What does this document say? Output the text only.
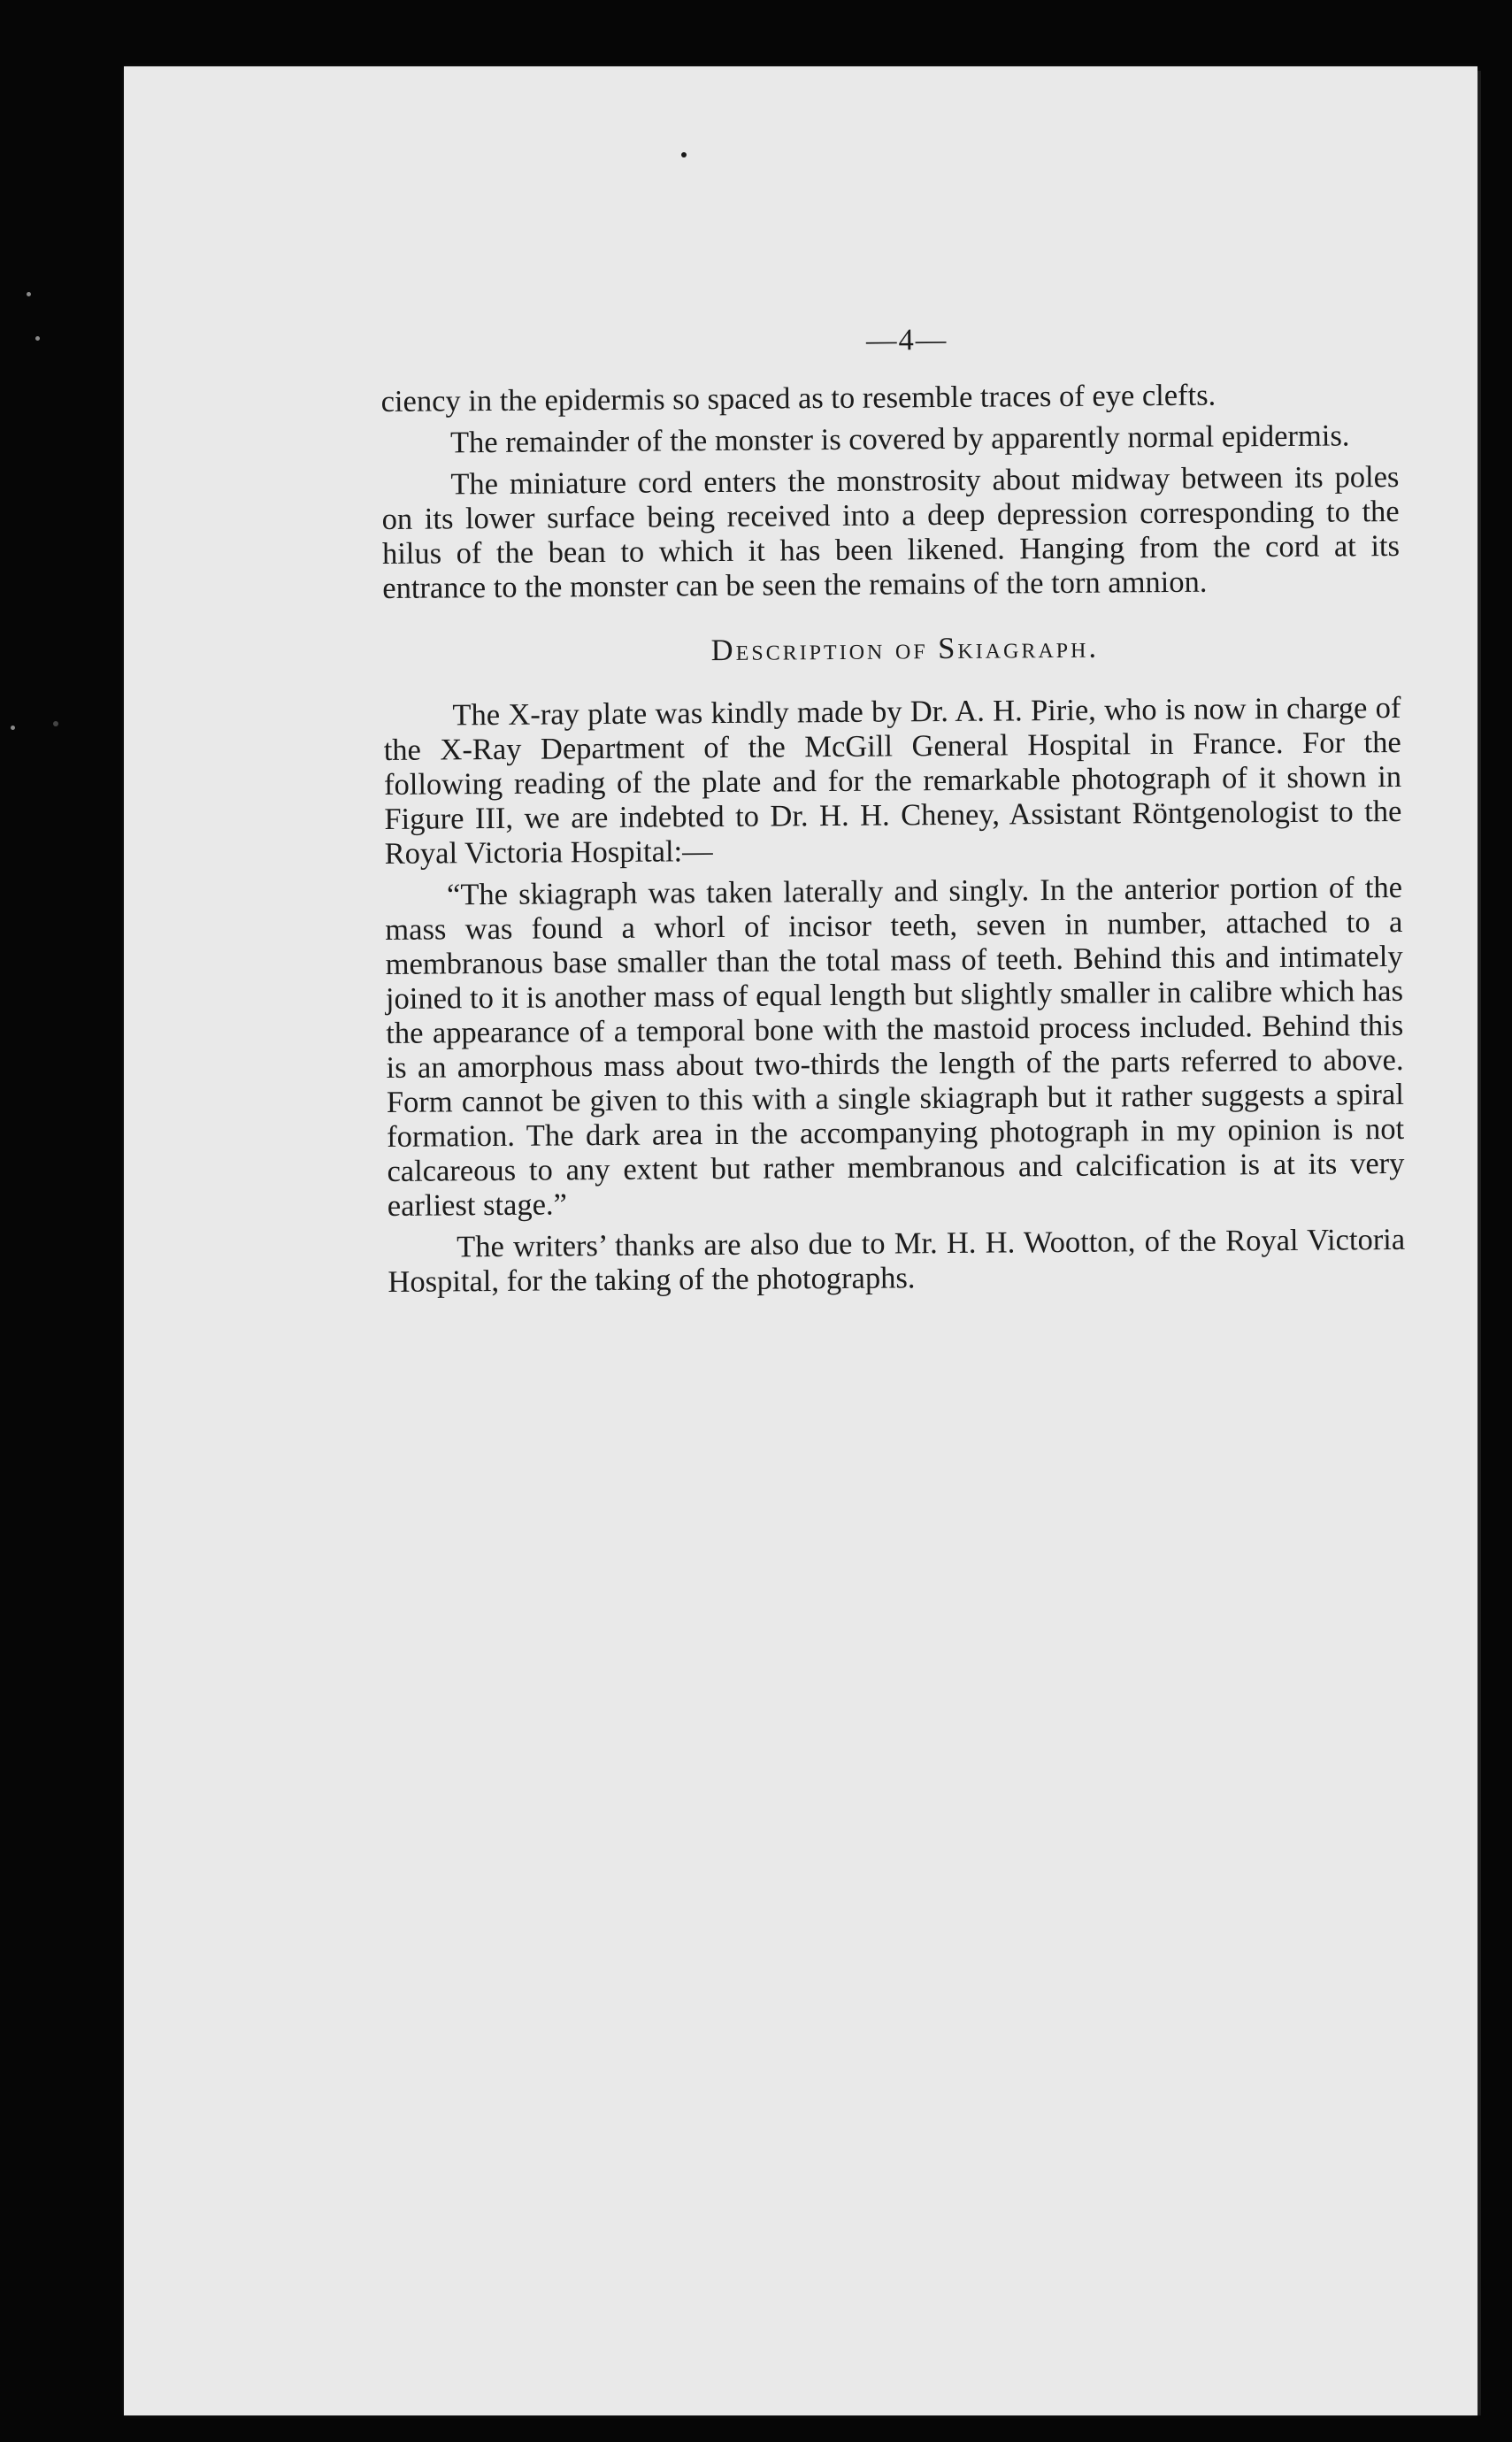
—4—

ciency in the epidermis so spaced as to resemble traces of eye clefts.

The remainder of the monster is covered by apparently normal epidermis.

The miniature cord enters the monstrosity about midway between its poles on its lower surface being received into a deep depression corresponding to the hilus of the bean to which it has been likened. Hanging from the cord at its entrance to the monster can be seen the remains of the torn amnion.

Description of Skiagraph.

The X-ray plate was kindly made by Dr. A. H. Pirie, who is now in charge of the X-Ray Department of the McGill General Hospital in France. For the following reading of the plate and for the remarkable photograph of it shown in Figure III, we are indebted to Dr. H. H. Cheney, Assistant Röntgenologist to the Royal Victoria Hospital:—

“The skiagraph was taken laterally and singly. In the anterior portion of the mass was found a whorl of incisor teeth, seven in number, attached to a membranous base smaller than the total mass of teeth. Behind this and intimately joined to it is another mass of equal length but slightly smaller in calibre which has the appearance of a temporal bone with the mastoid process included. Behind this is an amorphous mass about two-thirds the length of the parts referred to above. Form cannot be given to this with a single skiagraph but it rather suggests a spiral formation. The dark area in the accompanying photograph in my opinion is not calcareous to any extent but rather membranous and calcification is at its very earliest stage.”

The writers’ thanks are also due to Mr. H. H. Wootton, of the Royal Victoria Hospital, for the taking of the photographs.
